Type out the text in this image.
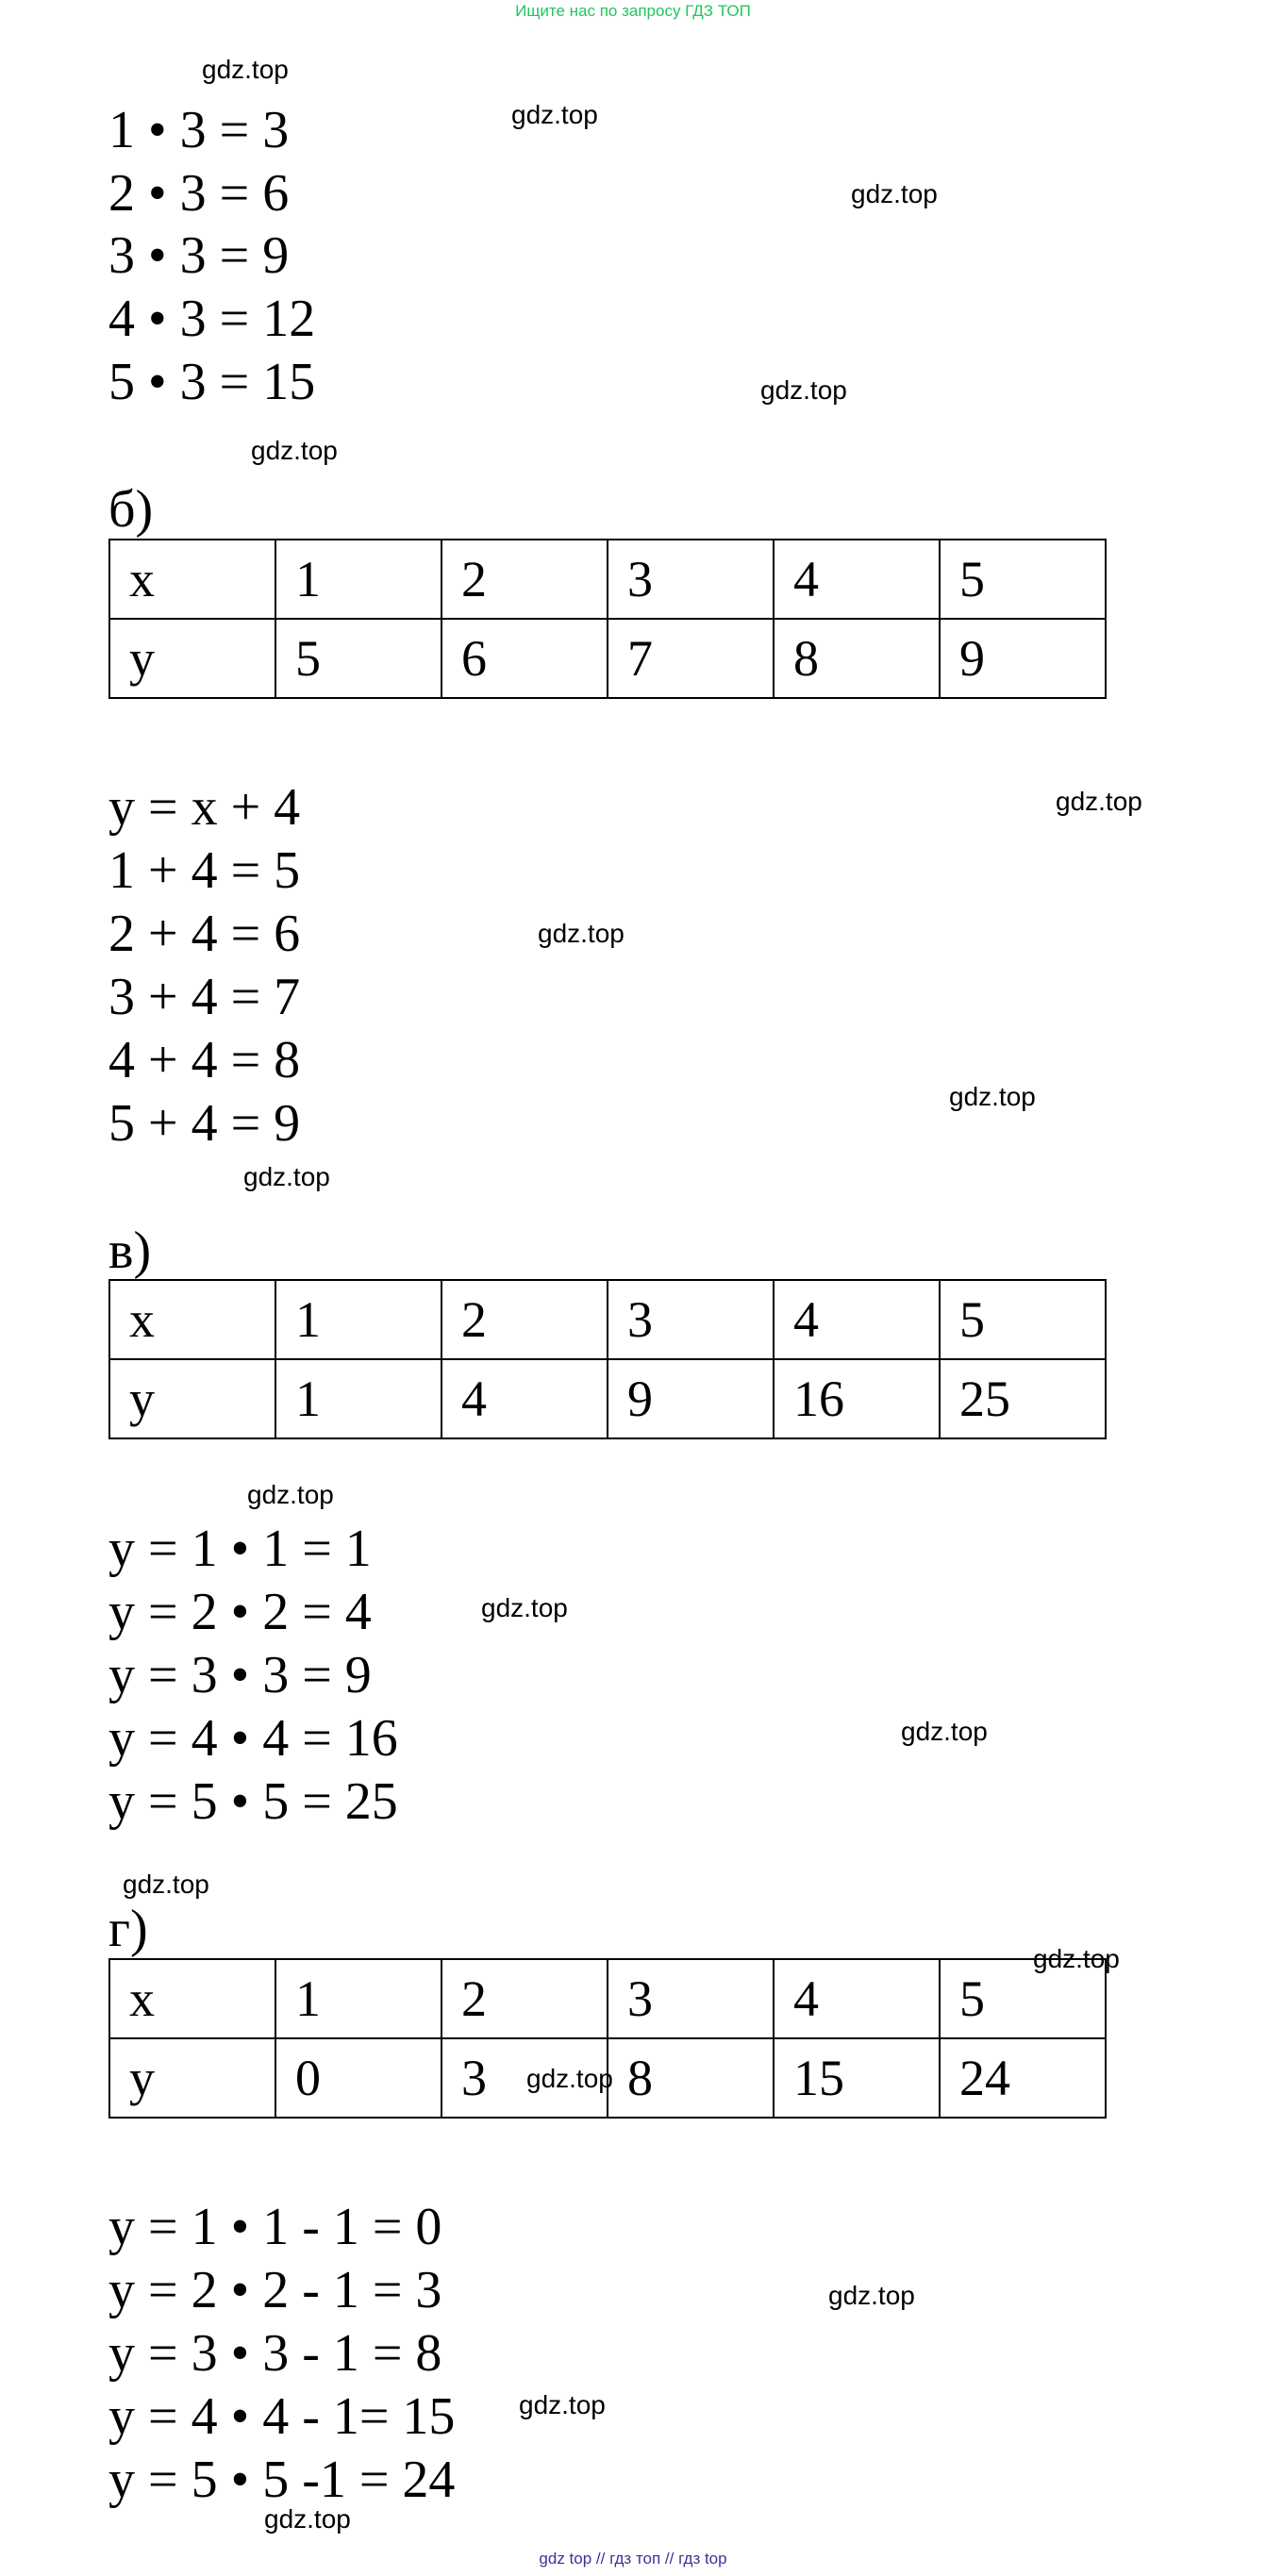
Ищите нас по запросу ГДЗ ТОП
1 • 3 = 3
2 • 3 = 6
3 • 3 = 9
4 • 3 = 12
5 • 3 = 15
б)
x	1	2	3	4	5
y	5	6	7	8	9
y = x + 4
1 + 4 = 5
2 + 4 = 6
3 + 4 = 7
4 + 4 = 8
5 + 4 = 9
в)
x	1	2	3	4	5
y	1	4	9	16	25
y = 1 • 1 = 1
y = 2 • 2 = 4
y = 3 • 3 = 9
y = 4 • 4 = 16
y = 5 • 5 = 25
г)
x	1	2	3	4	5
y	0	3	8	15	24
y = 1 • 1 - 1 = 0
y = 2 • 2 - 1 = 3
y = 3 • 3 - 1 = 8
y = 4 • 4 - 1= 15
y = 5 • 5 -1 = 24
gdz.top
gdz.top
gdz.top
gdz.top
gdz.top
gdz.top
gdz.top
gdz.top
gdz.top
gdz.top
gdz.top
gdz.top
gdz.top
gdz.top
gdz.top
gdz.top
gdz.top
gdz.top
gdz top // гдз топ // гдз top
